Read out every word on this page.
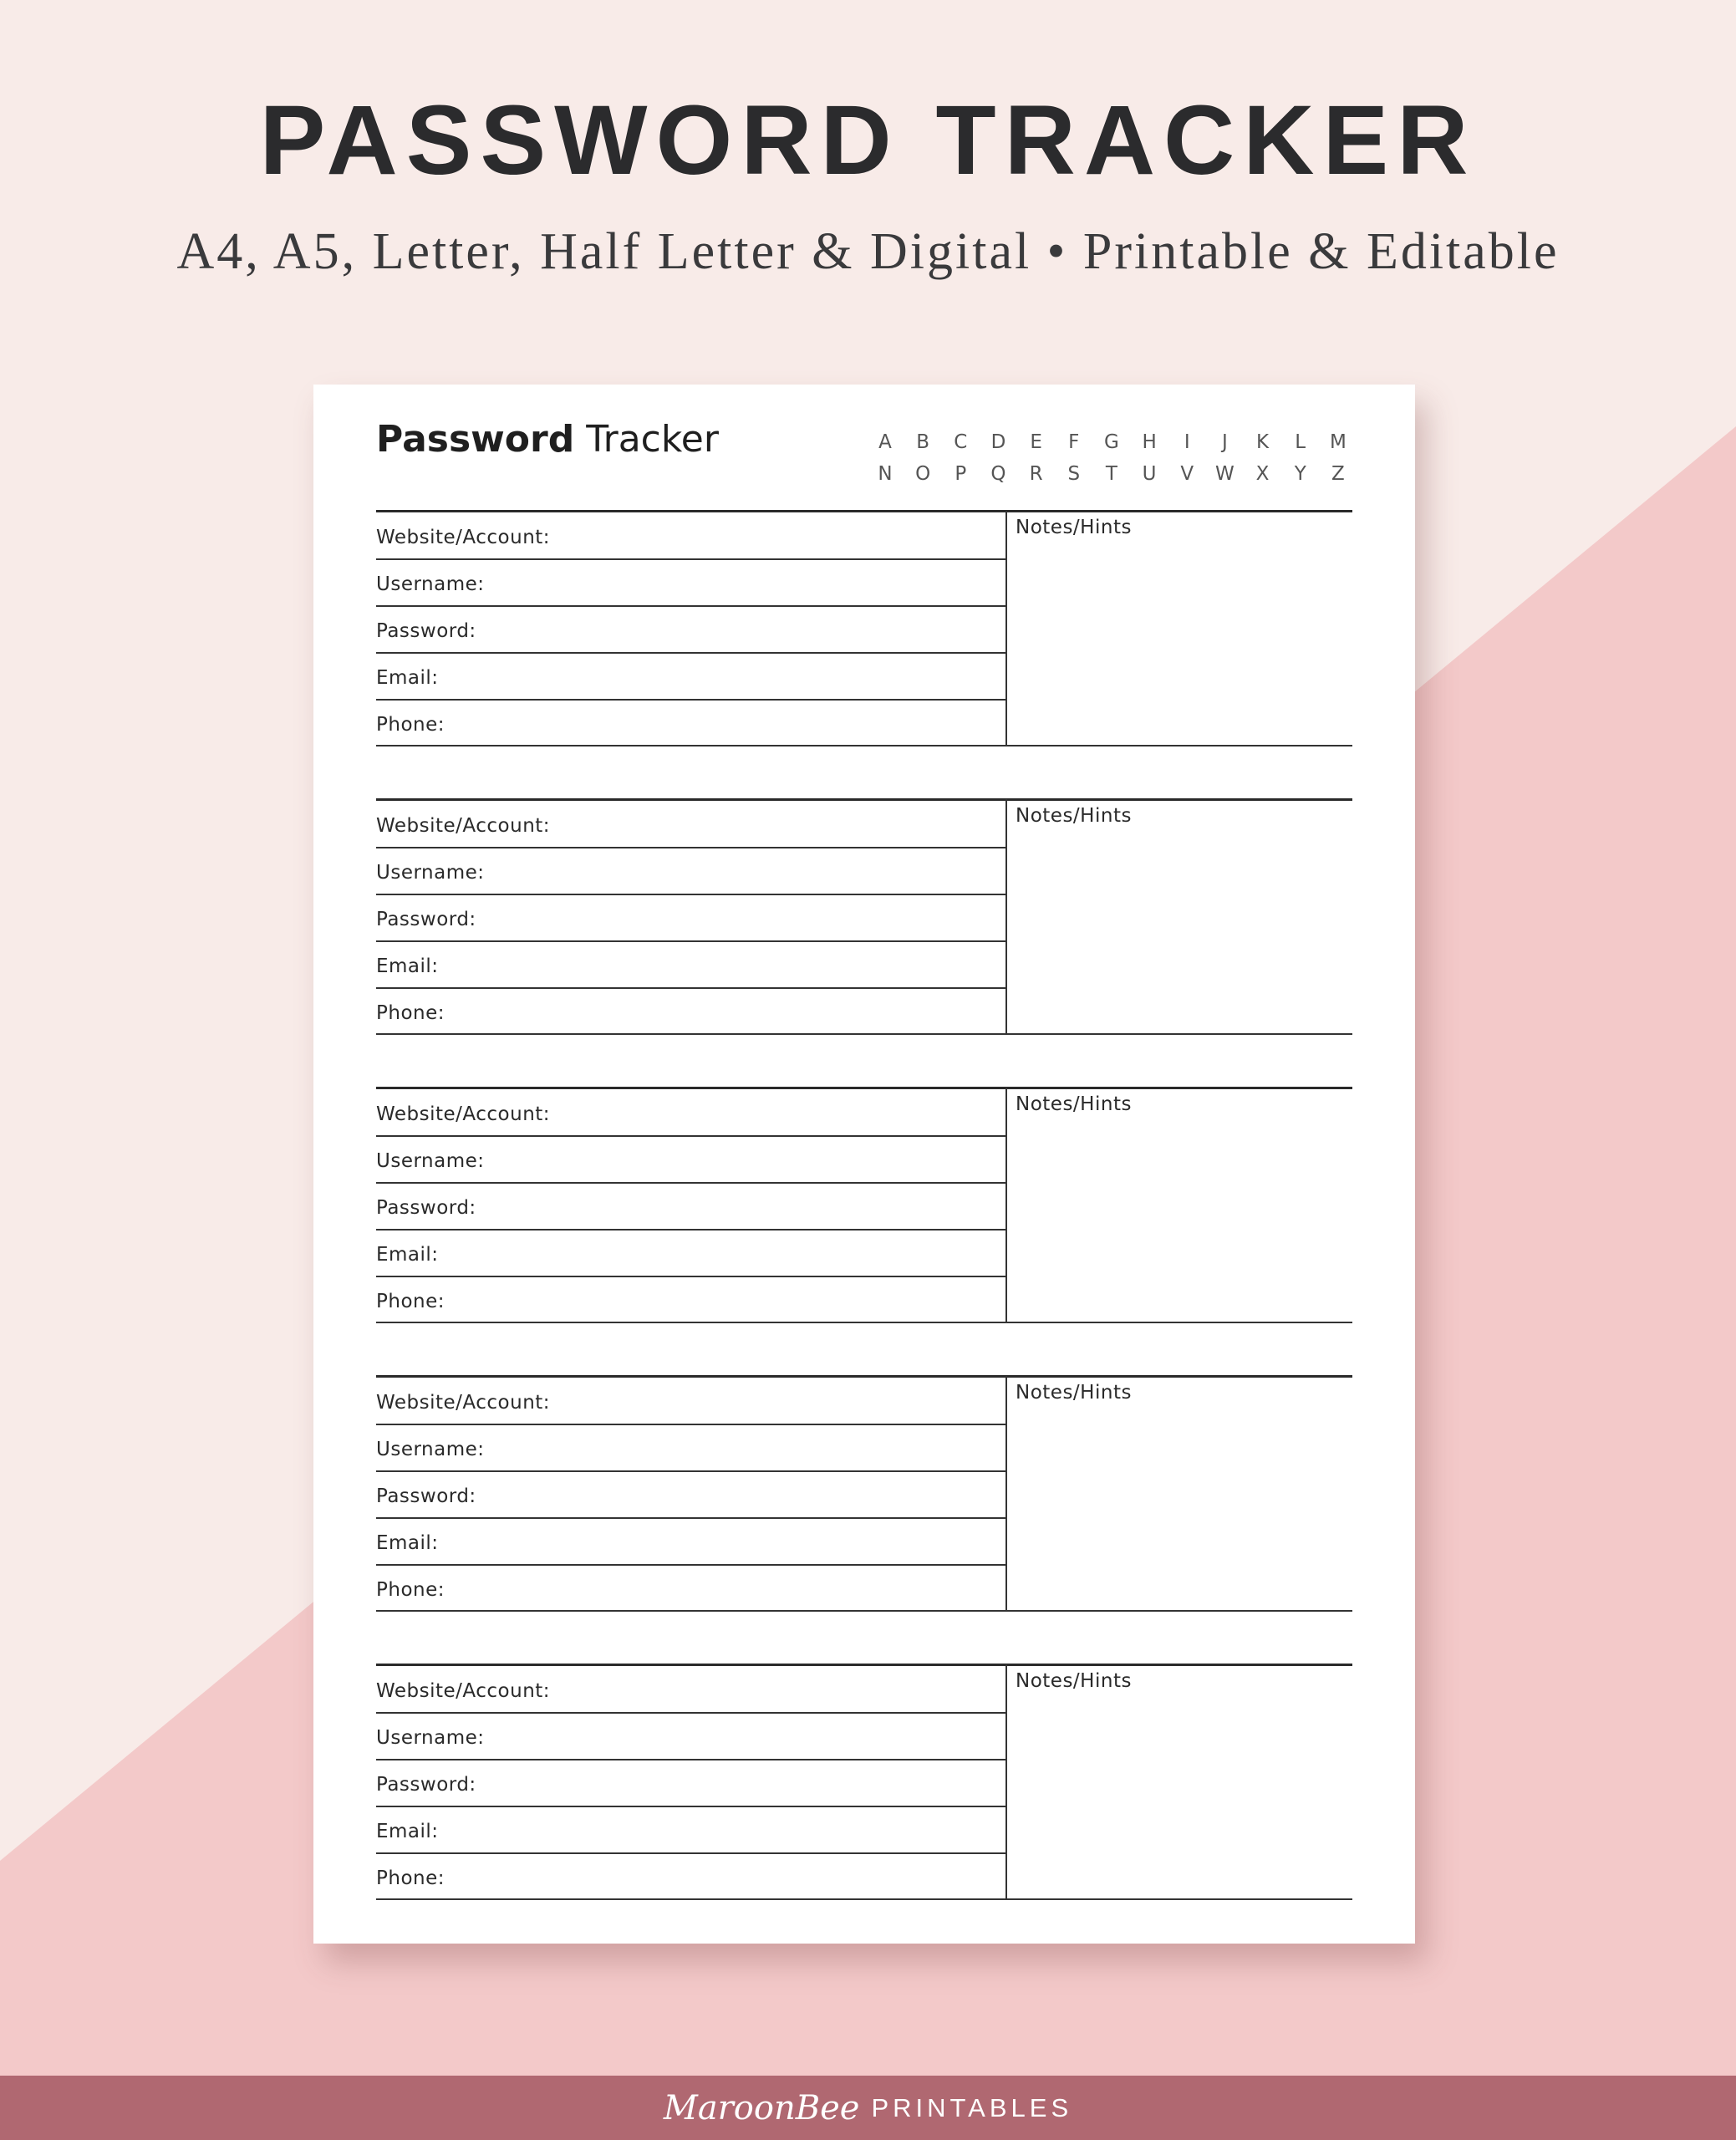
PASSWORD TRACKER
A4, A5, Letter, Half Letter & Digital • Printable & Editable
Password Tracker	A B C D E	F	G H	I	J	K	L	M
N O	P	Q R S	T	U V W X	Y	Z
Website/Account:
Username:
Password:
Email:
Phone:
Notes/Hints
Website/Account:
Username:
Password:
Email:
Phone:
Notes/Hints
Website/Account:
Username:
Password:
Email:
Phone:
Notes/Hints
Website/Account:
Username:
Password:
Email:
Phone:
Notes/Hints
Website/Account:
Username:
Password:
Email:
Phone:
Notes/Hints
MaroonBee PRINTABLES
